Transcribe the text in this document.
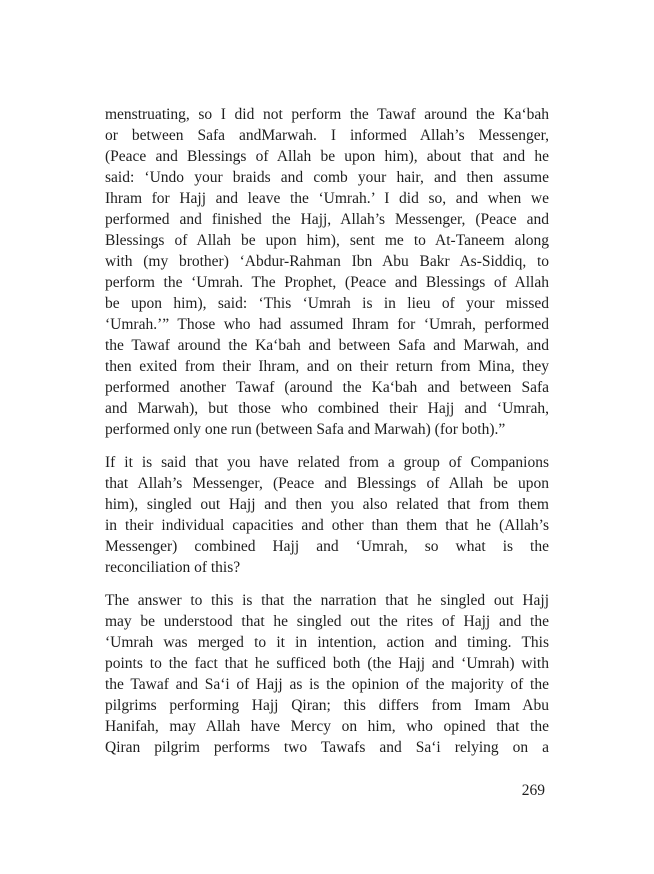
menstruating, so I did not perform the Tawaf around the Ka‘bah
or between Safa andMarwah. I informed Allah’s Messenger,
(Peace and Blessings of Allah be upon him), about that and he
said: ‘Undo your braids and comb your hair, and then assume
Ihram for Hajj and leave the ‘Umrah.’ I did so, and when we
performed and finished the Hajj, Allah’s Messenger, (Peace and
Blessings of Allah be upon him), sent me to At-Taneem along
with (my brother) ‘Abdur-Rahman Ibn Abu Bakr As-Siddiq, to
perform the ‘Umrah. The Prophet, (Peace and Blessings of Allah
be upon him), said: ‘This ‘Umrah is in lieu of your missed
‘Umrah.’” Those who had assumed Ihram for ‘Umrah, performed
the Tawaf around the Ka‘bah and between Safa and Marwah, and
then exited from their Ihram, and on their return from Mina, they
performed another Tawaf (around the Ka‘bah and between Safa
and Marwah), but those who combined their Hajj and ‘Umrah,
performed only one run (between Safa and Marwah) (for both).”
If it is said that you have related from a group of Companions
that Allah’s Messenger, (Peace and Blessings of Allah be upon
him), singled out Hajj and then you also related that from them
in their individual capacities and other than them that he (Allah’s
Messenger) combined Hajj and ‘Umrah, so what is the
reconciliation of this?
The answer to this is that the narration that he singled out Hajj
may be understood that he singled out the rites of Hajj and the
‘Umrah was merged to it in intention, action and timing. This
points to the fact that he sufficed both (the Hajj and ‘Umrah) with
the Tawaf and Sa‘i of Hajj as is the opinion of the majority of the
pilgrims performing Hajj Qiran; this differs from Imam Abu
Hanifah, may Allah have Mercy on him, who opined that the
Qiran pilgrim performs two Tawafs and Sa‘i relying on a
269
